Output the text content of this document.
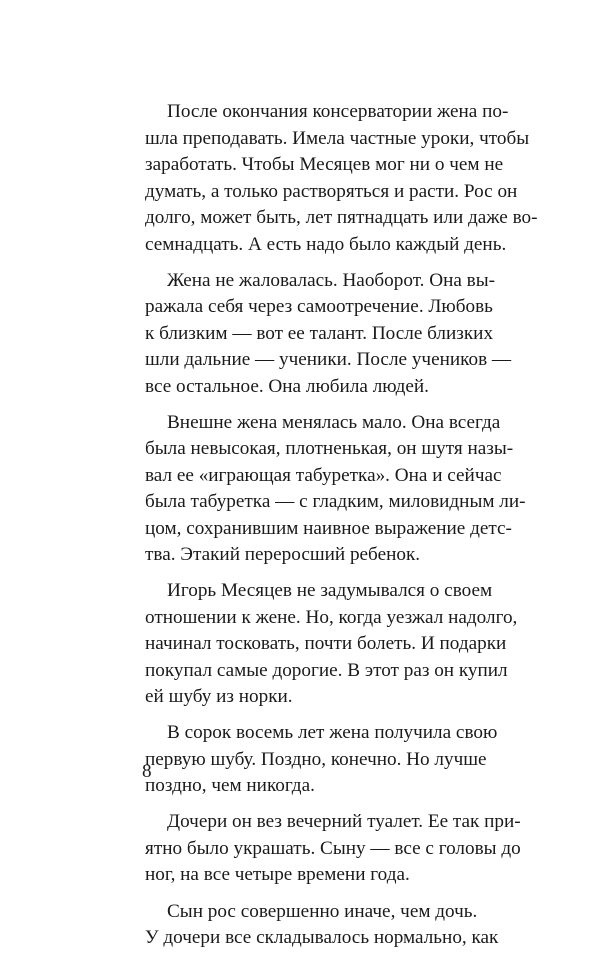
После окончания консерватории жена по-
шла преподавать. Имела частные уроки, чтобы
заработать. Чтобы Месяцев мог ни о чем не
думать, а только растворяться и расти. Рос он
долго, может быть, лет пятнадцать или даже во-
семнадцать. А есть надо было каждый день.

Жена не жаловалась. Наоборот. Она вы-
ражала себя через самоотречение. Любовь
к близким — вот ее талант. После близких
шли дальние — ученики. После учеников —
все остальное. Она любила людей.

Внешне жена менялась мало. Она всегда
была невысокая, плотненькая, он шутя назы-
вал ее «играющая табуретка». Она и сейчас
была табуретка — с гладким, миловидным ли-
цом, сохранившим наивное выражение детс-
тва. Этакий переросший ребенок.

Игорь Месяцев не задумывался о своем
отношении к жене. Но, когда уезжал надолго,
начинал тосковать, почти болеть. И подарки
покупал самые дорогие. В этот раз он купил
ей шубу из норки.

В сорок восемь лет жена получила свою
первую шубу. Поздно, конечно. Но лучше
поздно, чем никогда.

Дочери он вез вечерний туалет. Ее так при-
ятно было украшать. Сыну — все с головы до
ног, на все четыре времени года.

Сын рос совершенно иначе, чем дочь.
У дочери все складывалось нормально, как

8
